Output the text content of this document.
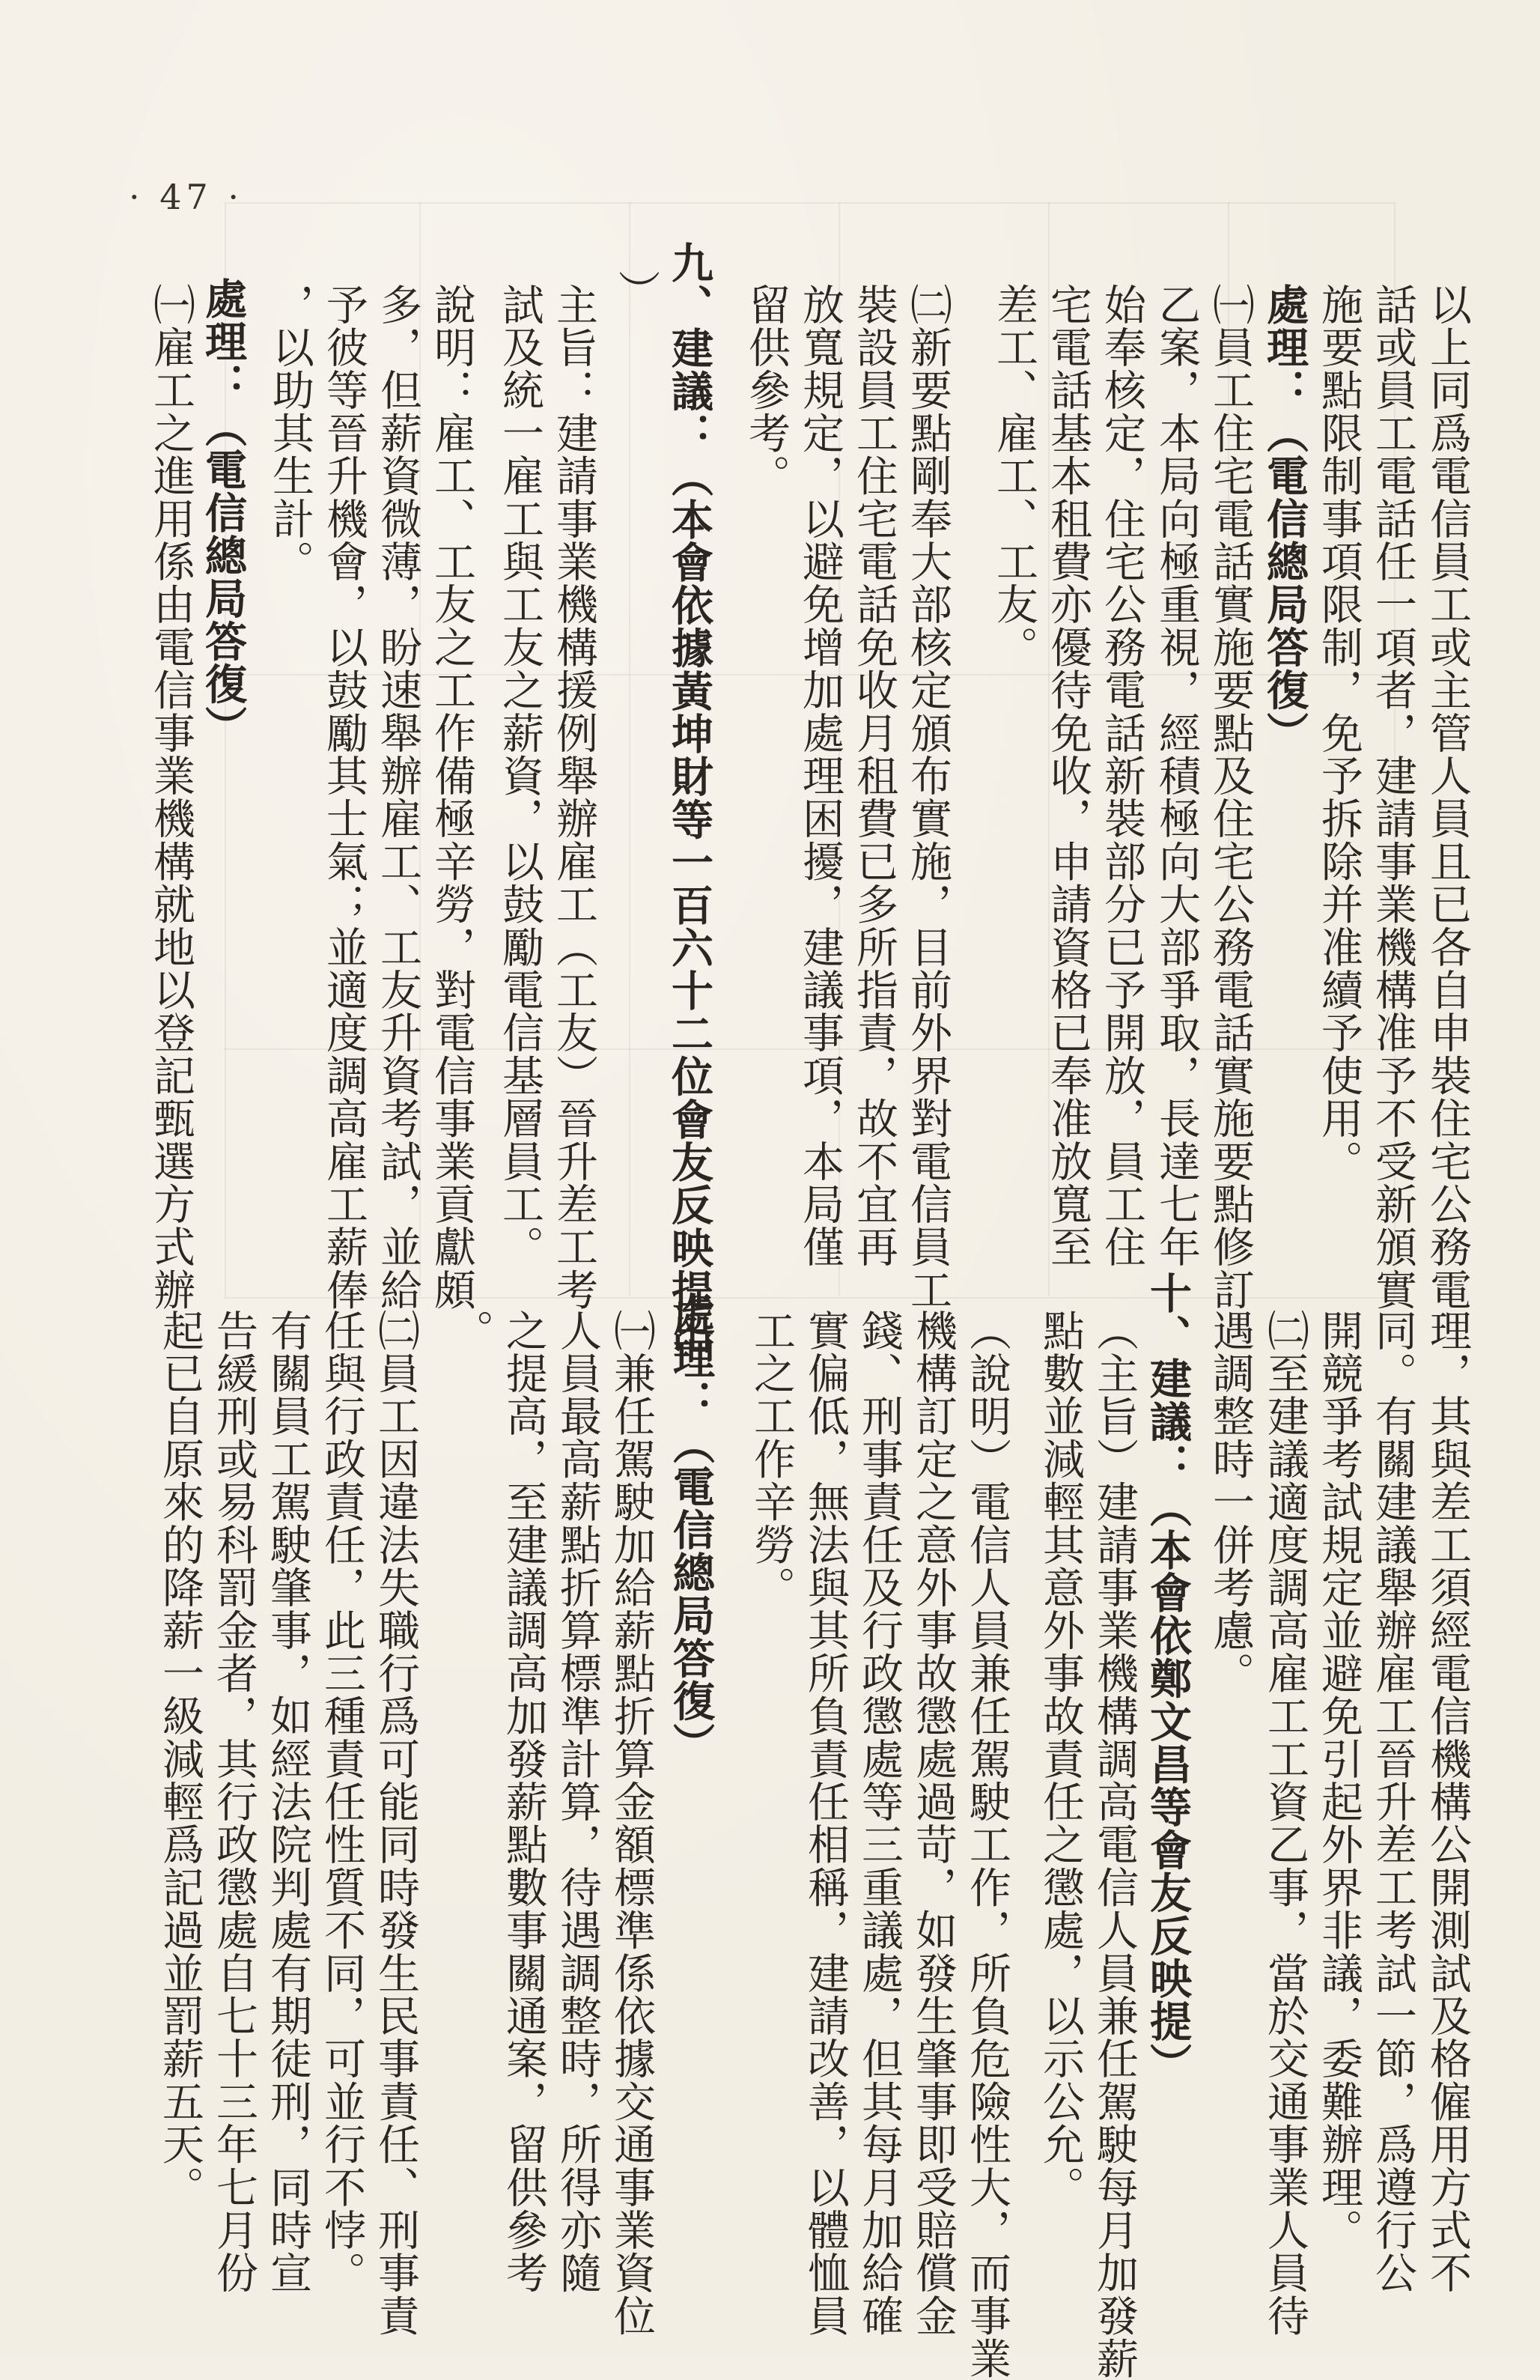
· 47 ·
以上同爲電信員工或主管人員且已各自申裝住宅公務電
話或員工電話任一項者，建請事業機構准予不受新頒實
施要點限制事項限制，免予拆除并准續予使用。
處理：（電信總局答復）
㈠員工住宅電話實施要點及住宅公務電話實施要點修訂
乙案，本局向極重視，經積極向大部爭取，長達七年
始奉核定，住宅公務電話新裝部分已予開放，員工住
宅電話基本租費亦優待免收，申請資格已奉准放寬至
差工、雇工、工友。
㈡新要點剛奉大部核定頒布實施，目前外界對電信員工
裝設員工住宅電話免收月租費已多所指責，故不宜再
放寬規定，以避免增加處理困擾，建議事項，本局僅
留供參考。
九、建議：（本會依據黃坤財等一百六十二位會友反映提出
）
主旨：建請事業機構援例舉辦雇工（工友）晉升差工考
試及統一雇工與工友之薪資，以鼓勵電信基層員工。
說明：雇工、工友之工作備極辛勞，對電信事業貢獻頗
多，但薪資微薄，盼速舉辦雇工、工友升資考試，並給
予彼等晉升機會，以鼓勵其士氣；並適度調高雇工薪俸
，以助其生計。
處理：（電信總局答復）
㈠雇工之進用係由電信事業機構就地以登記甄選方式辦
理，其與差工須經電信機構公開測試及格僱用方式不
同。有關建議舉辦雇工晉升差工考試一節，爲遵行公
開競爭考試規定並避免引起外界非議，委難辦理。
㈡至建議適度調高雇工工資乙事，當於交通事業人員待
遇調整時一併考慮。
十、建議：（本會依鄭文昌等會友反映提）
（主旨）建請事業機構調高電信人員兼任駕駛每月加發薪
點數並減輕其意外事故責任之懲處，以示公允。
（說明）電信人員兼任駕駛工作，所負危險性大，而事業
機構訂定之意外事故懲處過苛，如發生肇事即受賠償金
錢、刑事責任及行政懲處等三重議處，但其每月加給確
實偏低，無法與其所負責任相稱，建請改善，以體恤員
工之工作辛勞。
處理：（電信總局答復）
㈠兼任駕駛加給薪點折算金額標準係依據交通事業資位
人員最高薪點折算標準計算，待遇調整時，所得亦隨
之提高，至建議調高加發薪點數事關通案，留供參考
。
㈡員工因違法失職行爲可能同時發生民事責任、刑事責
任與行政責任，此三種責任性質不同，可並行不悖。
有關員工駕駛肇事，如經法院判處有期徒刑，同時宣
告緩刑或易科罰金者，其行政懲處自七十三年七月份
起已自原來的降薪一級減輕爲記過並罰薪五天。
